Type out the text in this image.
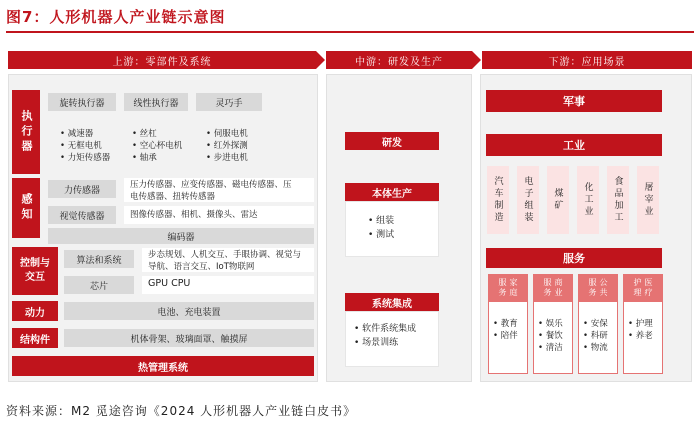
图7：人形机器人产业链示意图
上游：零部件及系统	中游：研发及生产	下游：应用场景
执行器
旋转执行器	线性执行器	灵巧手
• 减速器
• 无框电机
• 力矩传感器
• 丝杠
• 空心杯电机
• 轴承
• 伺服电机
• 红外探测
• 步进电机
感知
力传感器
压力传感器、应变传感器、磁电传感器、压
电传感器、扭转传感器
视觉传感器	图像传感器、相机、摄像头、雷达
编码器
控制与
交互
算法和系统
步态规划、人机交互、手眼协调、视觉与
导航、语言交互、IoT物联网
芯片	GPU CPU
动力	电池、充电装置
结构件	机体骨架、玻璃面罩、触摸屏
热管理系统
研发
本体生产
• 组装
• 测试
系统集成
• 软件系统集成
• 场景训练
军事
工业
汽车制造	电子组装	煤矿	化工业	食品加工	屠宰业
服务
家庭服务
• 教育
• 陪伴
商业服务
• 娱乐
• 餐饮
• 清洁
公共服务
• 安保
• 科研
• 物流
医疗护理
• 护理
• 养老
资料来源：M2 觅途咨询《2024 人形机器人产业链白皮书》
